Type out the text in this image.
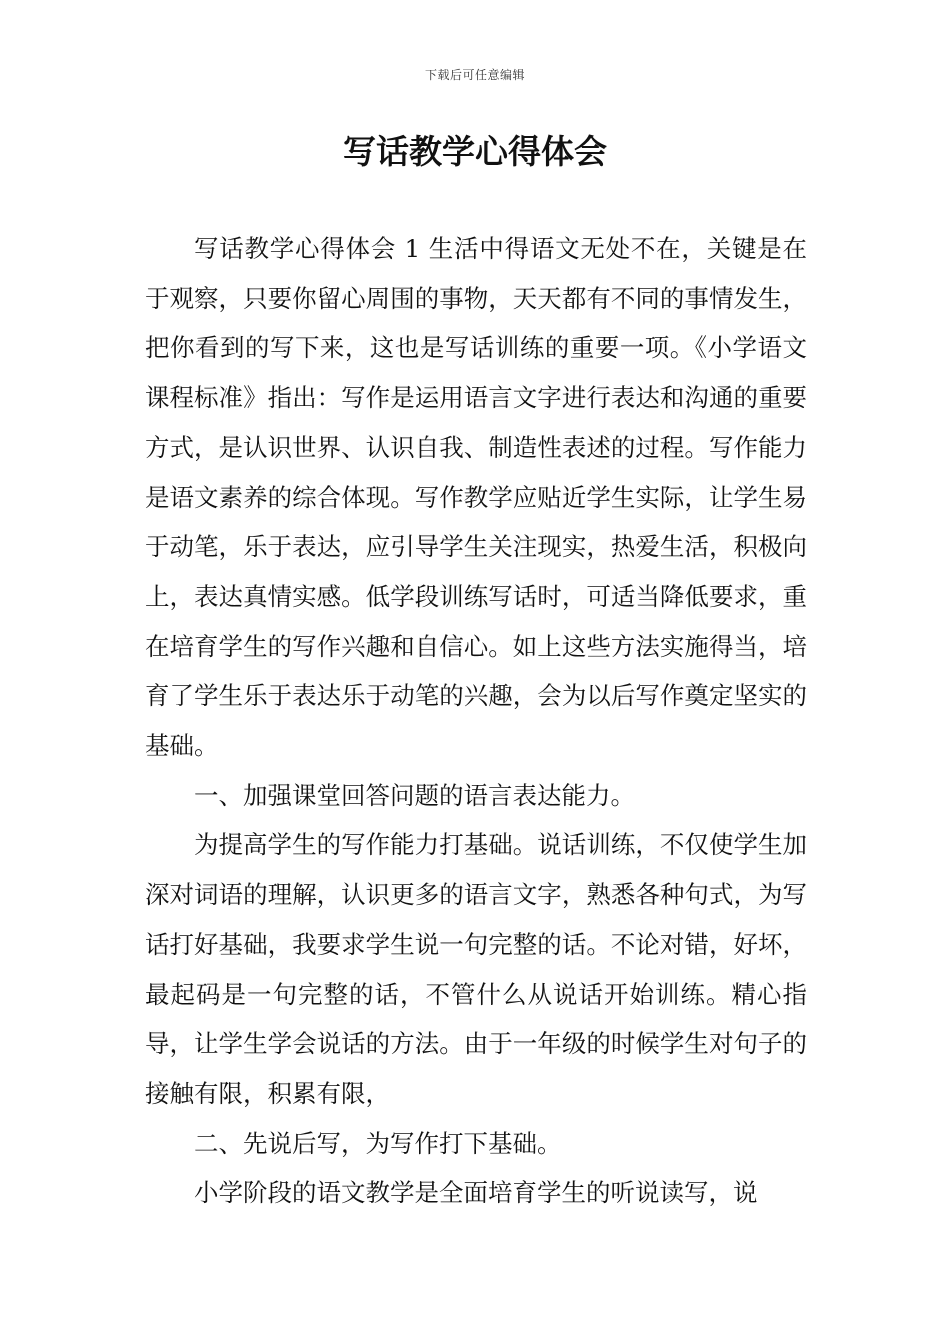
下载后可任意编辑
写话教学心得体会

写话教学心得体会 1 生活中得语文无处不在，关键是在于观察，只要你留心周围的事物，天天都有不同的事情发生，把你看到的写下来，这也是写话训练的重要一项。《小学语文课程标准》指出：写作是运用语言文字进行表达和沟通的重要方式，是认识世界、认识自我、制造性表述的过程。写作能力是语文素养的综合体现。写作教学应贴近学生实际，让学生易于动笔，乐于表达，应引导学生关注现实，热爱生活，积极向上，表达真情实感。低学段训练写话时，可适当降低要求，重在培育学生的写作兴趣和自信心。如上这些方法实施得当，培育了学生乐于表达乐于动笔的兴趣，会为以后写作奠定坚实的基础。

一、加强课堂回答问题的语言表达能力。

为提高学生的写作能力打基础。说话训练，不仅使学生加深对词语的理解，认识更多的语言文字，熟悉各种句式，为写话打好基础，我要求学生说一句完整的话。不论对错，好坏，最起码是一句完整的话，不管什么从说话开始训练。精心指导，让学生学会说话的方法。由于一年级的时候学生对句子的接触有限，积累有限，

二、先说后写，为写作打下基础。

小学阶段的语文教学是全面培育学生的听说读写，说
